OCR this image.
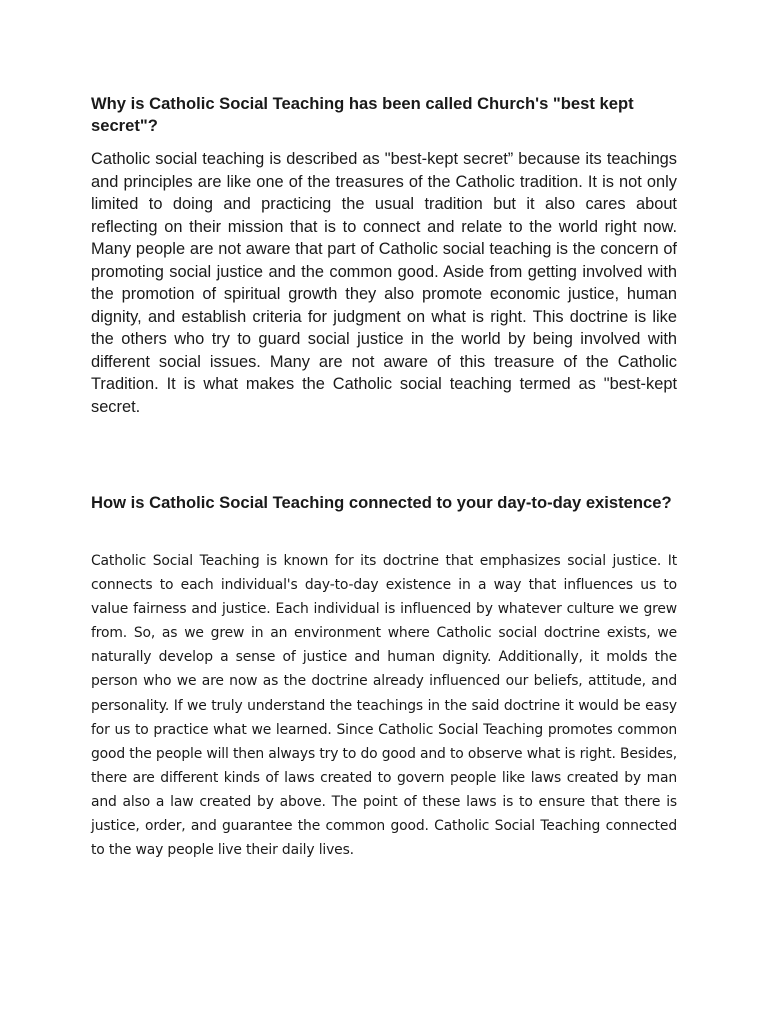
Why is Catholic Social Teaching has been called Church's "best kept secret"?

Catholic social teaching is described as "best-kept secret” because its teachings and principles are like one of the treasures of the Catholic tradition. It is not only limited to doing and practicing the usual tradition but it also cares about reflecting on their mission that is to connect and relate to the world right now. Many people are not aware that part of Catholic social teaching is the concern of promoting social justice and the common good. Aside from getting involved with the promotion of spiritual growth they also promote economic justice, human dignity, and establish criteria for judgment on what is right. This doctrine is like the others who try to guard social justice in the world by being involved with different social issues. Many are not aware of this treasure of the Catholic Tradition. It is what makes the Catholic social teaching termed as "best-kept secret.

How is Catholic Social Teaching connected to your day-to-day existence?

Catholic Social Teaching is known for its doctrine that emphasizes social justice. It connects to each individual's day-to-day existence in a way that influences us to value fairness and justice. Each individual is influenced by whatever culture we grew from. So, as we grew in an environment where Catholic social doctrine exists, we naturally develop a sense of justice and human dignity. Additionally, it molds the person who we are now as the doctrine already influenced our beliefs, attitude, and personality. If we truly understand the teachings in the said doctrine it would be easy for us to practice what we learned. Since Catholic Social Teaching promotes common good the people will then always try to do good and to observe what is right. Besides, there are different kinds of laws created to govern people like laws created by man and also a law created by above. The point of these laws is to ensure that there is justice, order, and guarantee the common good. Catholic Social Teaching connected to the way people live their daily lives.
